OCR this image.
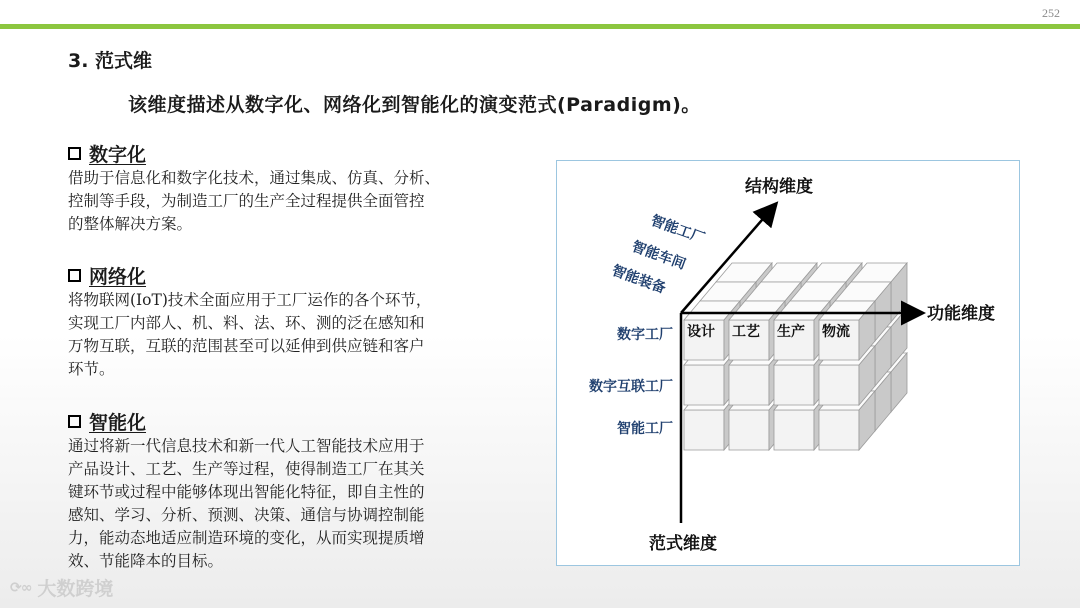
252
3. 范式维
该维度描述从数字化、网络化到智能化的演变范式(Paradigm)。
数字化
借助于信息化和数字化技术，通过集成、仿真、分析、
控制等手段，为制造工厂的生产全过程提供全面管控
的整体解决方案。
网络化
将物联网(IoT)技术全面应用于工厂运作的各个环节，
实现工厂内部人、机、料、法、环、测的泛在感知和
万物互联，互联的范围甚至可以延伸到供应链和客户
环节。
智能化
通过将新一代信息技术和新一代人工智能技术应用于
产品设计、工艺、生产等过程，使得制造工厂在其关
键环节或过程中能够体现出智能化特征，即自主性的
感知、学习、分析、预测、决策、通信与协调控制能
力，能动态地适应制造环境的变化，从而实现提质增
效、节能降本的目标。
结构维度
功能维度
范式维度
智能工厂
智能车间
智能装备
数字工厂
数字互联工厂
智能工厂
设计 工艺 生产 物流
⟳∞ 大数跨境
